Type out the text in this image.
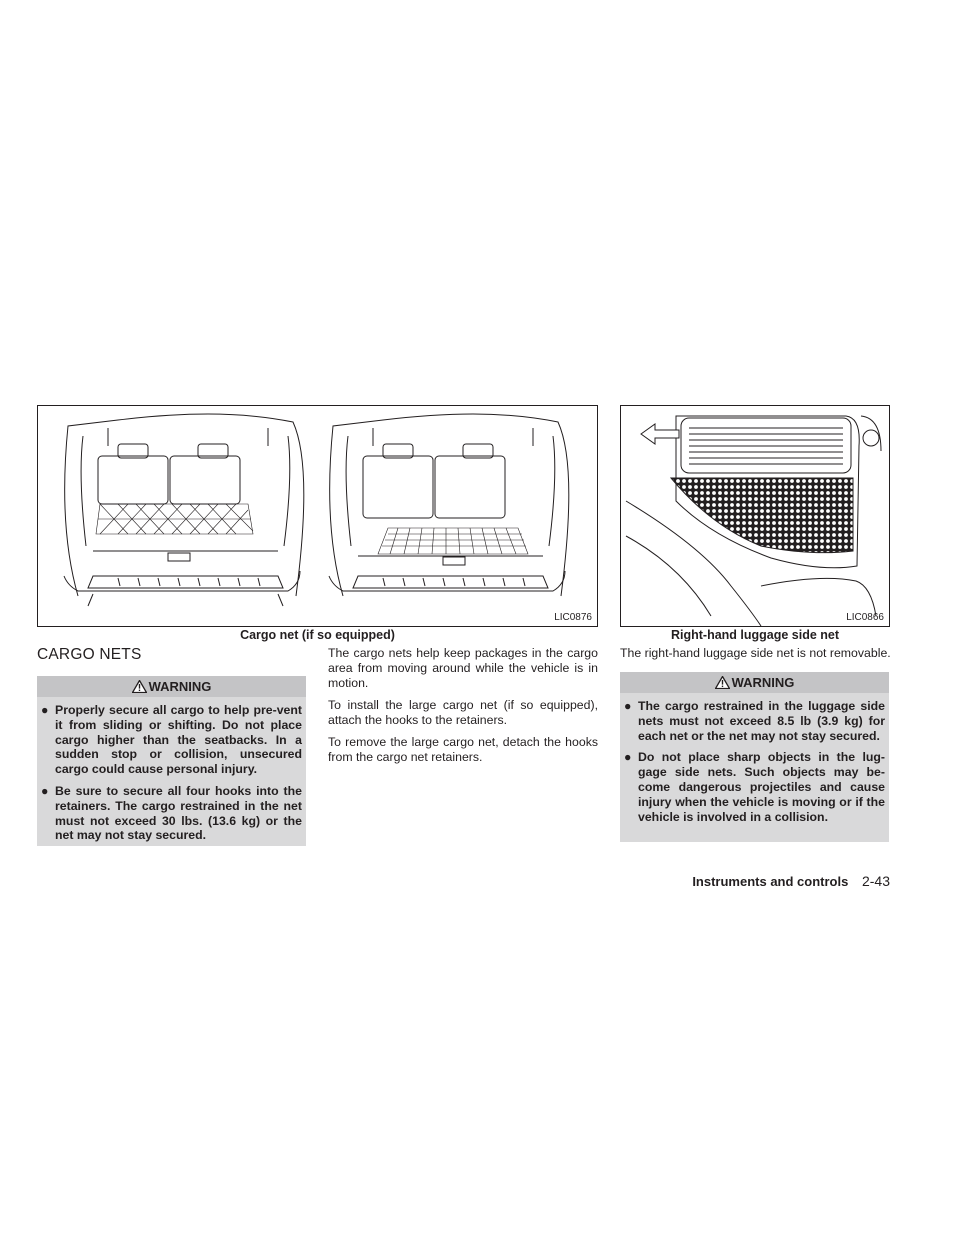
LIC0876
Cargo net (if so equipped)
LIC0866
Right-hand luggage side net
CARGO NETS
WARNING
● Properly secure all cargo to help pre-vent it from sliding or shifting. Do not place cargo higher than the seatbacks. In a sudden stop or collision, unsecured cargo could cause personal injury.
● Be sure to secure all four hooks into the retainers. The cargo restrained in the net must not exceed 30 lbs. (13.6 kg) or the net may not stay secured.

The cargo nets help keep packages in the cargo area from moving around while the vehicle is in motion.

To install the large cargo net (if so equipped), attach the hooks to the retainers.

To remove the large cargo net, detach the hooks from the cargo net retainers.

The right-hand luggage side net is not removable.
WARNING
● The cargo restrained in the luggage side nets must not exceed 8.5 lb (3.9 kg) for each net or the net may not stay secured.
● Do not place sharp objects in the lug-gage side nets. Such objects may be-come dangerous projectiles and cause injury when the vehicle is moving or if the vehicle is involved in a collision.
Instruments and controls 2-43
